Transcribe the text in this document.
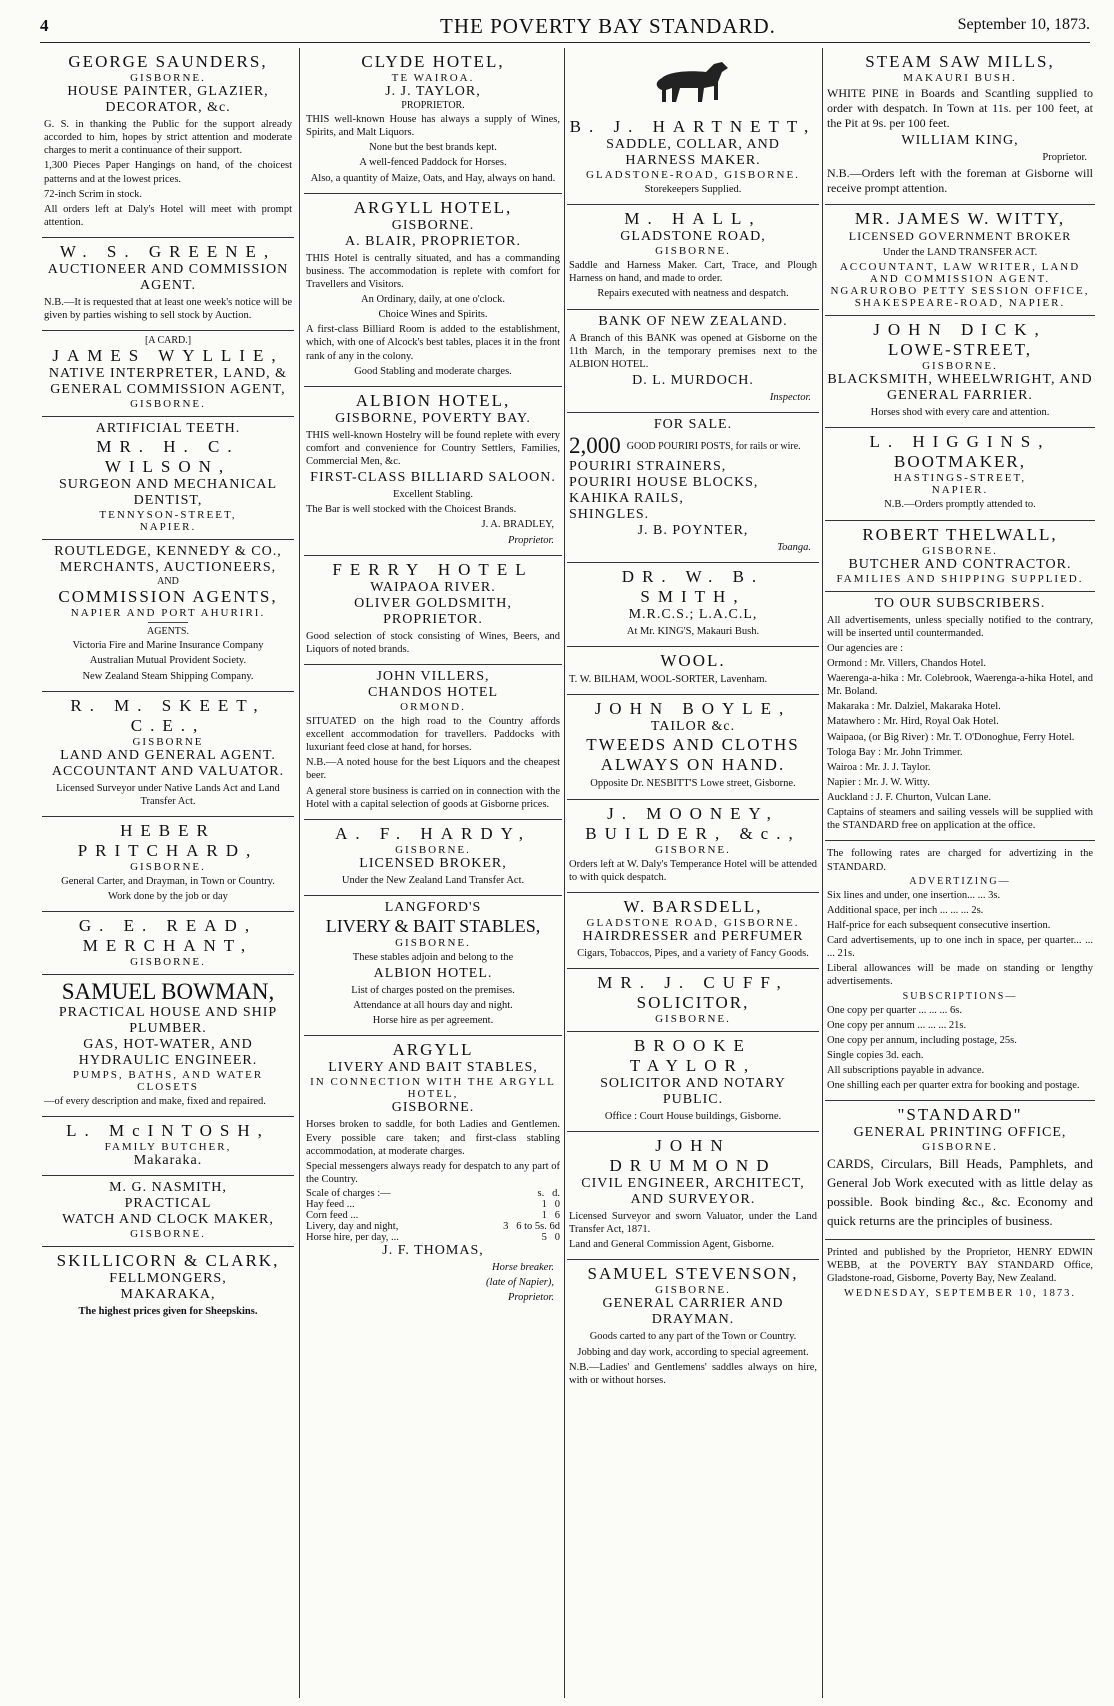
4	THE POVERTY BAY STANDARD.	September 10, 1873.
GEORGE SAUNDERS,
GISBORNE.
HOUSE PAINTER, GLAZIER, DECORATOR, &c.

G. S. in thanking the Public for the support already accorded to him, hopes by strict attention and moderate charges to merit a continuance of their support.

1,300 Pieces Paper Hangings on hand, of the choicest patterns and at the lowest prices.

72-inch Scrim in stock.

All orders left at Daly's Hotel will meet with prompt attention.

W. S. GREENE,
AUCTIONEER AND COMMISSION AGENT.

N.B.—It is requested that at least one week's notice will be given by parties wishing to sell stock by Auction.

[A CARD.]
JAMES WYLLIE,
NATIVE INTERPRETER, LAND, & GENERAL COMMISSION AGENT,
GISBORNE.
ARTIFICIAL TEETH.
MR. H. C. WILSON,
SURGEON AND MECHANICAL DENTIST,
TENNYSON-STREET,
NAPIER.
ROUTLEDGE, KENNEDY & CO.,
MERCHANTS, AUCTIONEERS,
AND
COMMISSION AGENTS,
NAPIER AND PORT AHURIRI.
AGENTS.

Victoria Fire and Marine Insurance Company

Australian Mutual Provident Society.

New Zealand Steam Shipping Company.

R. M. SKEET, C.E.,
GISBORNE
LAND AND GENERAL AGENT.
ACCOUNTANT AND VALUATOR.

Licensed Surveyor under Native Lands Act and Land Transfer Act.

HEBER PRITCHARD,
GISBORNE.

General Carter, and Drayman, in Town or Country.

Work done by the job or day

G. E. READ,
MERCHANT,
GISBORNE.
SAMUEL BOWMAN,
PRACTICAL HOUSE AND SHIP PLUMBER.
GAS, HOT-WATER, AND HYDRAULIC ENGINEER.
PUMPS, BATHS, AND WATER CLOSETS

—of every description and make, fixed and repaired.

L. McINTOSH,
FAMILY BUTCHER,
Makaraka.
M. G. NASMITH,
PRACTICAL
WATCH AND CLOCK MAKER,
GISBORNE.
SKILLICORN & CLARK,
FELLMONGERS,
MAKARAKA,

The highest prices given for Sheepskins.

CLYDE HOTEL,
TE WAIROA.
J. J. TAYLOR,
PROPRIETOR.

THIS well-known House has always a supply of Wines, Spirits, and Malt Liquors.

None but the best brands kept.

A well-fenced Paddock for Horses.

Also, a quantity of Maize, Oats, and Hay, always on hand.

ARGYLL HOTEL,
GISBORNE.
A. BLAIR, PROPRIETOR.

THIS Hotel is centrally situated, and has a commanding business. The accommodation is replete with comfort for Travellers and Visitors.

An Ordinary, daily, at one o'clock.

Choice Wines and Spirits.

A first-class Billiard Room is added to the establishment, which, with one of Alcock's best tables, places it in the front rank of any in the colony.

Good Stabling and moderate charges.

ALBION HOTEL,
GISBORNE, POVERTY BAY.

THIS well-known Hostelry will be found replete with every comfort and convenience for Country Settlers, Families, Commercial Men, &c.

FIRST-CLASS BILLIARD SALOON.

Excellent Stabling.

The Bar is well stocked with the Choicest Brands.

J. A. BRADLEY,

Proprietor.

FERRY HOTEL
WAIPAOA RIVER.
OLIVER GOLDSMITH, PROPRIETOR.

Good selection of stock consisting of Wines, Beers, and Liquors of noted brands.

JOHN VILLERS,
CHANDOS HOTEL
ORMOND.

SITUATED on the high road to the Country affords excellent accommodation for travellers. Paddocks with luxuriant feed close at hand, for horses.

N.B.—A noted house for the best Liquors and the cheapest beer.

A general store business is carried on in connection with the Hotel with a capital selection of goods at Gisborne prices.

A. F. HARDY,
GISBORNE.
LICENSED BROKER,

Under the New Zealand Land Transfer Act.

LANGFORD'S
LIVERY & BAIT STABLES,
GISBORNE.

These stables adjoin and belong to the

ALBION HOTEL.

List of charges posted on the premises.

Attendance at all hours day and night.

Horse hire as per agreement.

ARGYLL
LIVERY AND BAIT STABLES,
IN CONNECTION WITH THE ARGYLL HOTEL,
GISBORNE.

Horses broken to saddle, for both Ladies and Gentlemen. Every possible care taken; and first-class stabling accommodation, at moderate charges.

Special messengers always ready for despatch to any part of the Country.

Scale of charges :—	s. d.
Hay feed ...	1 0
Corn feed ...	1 6
Livery, day and night,	3 6 to 5s. 6d
Horse hire, per day, ...	5 0
J. F. THOMAS,

Horse breaker.

(late of Napier),

Proprietor.

B. J. HARTNETT,
SADDLE, COLLAR, AND HARNESS MAKER.
GLADSTONE-ROAD, GISBORNE.

Storekeepers Supplied.

M. HALL,
GLADSTONE ROAD,
GISBORNE.

Saddle and Harness Maker. Cart, Trace, and Plough Harness on hand, and made to order.

Repairs executed with neatness and despatch.

BANK OF NEW ZEALAND.

A Branch of this BANK was opened at Gisborne on the 11th March, in the temporary premises next to the ALBION HOTEL.

D. L. MURDOCH.

Inspector.

FOR SALE.
2,000 GOOD POURIRI POSTS, for rails or wire.
POURIRI STRAINERS,
POURIRI HOUSE BLOCKS,
KAHIKA RAILS,
SHINGLES.
J. B. POYNTER,

Toanga.

DR. W. B. SMITH,
M.R.C.S.; L.A.C.L,

At Mr. KING'S, Makauri Bush.

WOOL.

T. W. BILHAM, WOOL-SORTER, Lavenham.

JOHN BOYLE,
TAILOR &c.
TWEEDS AND CLOTHS
ALWAYS ON HAND.

Opposite Dr. NESBITT'S Lowe street, Gisborne.

J. MOONEY,
BUILDER, &c.,
GISBORNE.

Orders left at W. Daly's Temperance Hotel will be attended to with quick despatch.

W. BARSDELL,
GLADSTONE ROAD, GISBORNE.
HAIRDRESSER and PERFUMER

Cigars, Tobaccos, Pipes, and a variety of Fancy Goods.

MR. J. CUFF,
SOLICITOR,
GISBORNE.
BROOKE TAYLOR,
SOLICITOR AND NOTARY PUBLIC.

Office : Court House buildings, Gisborne.

JOHN DRUMMOND
CIVIL ENGINEER, ARCHITECT, AND SURVEYOR.

Licensed Surveyor and sworn Valuator, under the Land Transfer Act, 1871.

Land and General Commission Agent, Gisborne.

SAMUEL STEVENSON,
GISBORNE.
GENERAL CARRIER AND DRAYMAN.

Goods carted to any part of the Town or Country.

Jobbing and day work, according to special agreement.

N.B.—Ladies' and Gentlemens' saddles always on hire, with or without horses.

STEAM SAW MILLS,
MAKAURI BUSH.

WHITE PINE in Boards and Scantling supplied to order with despatch. In Town at 11s. per 100 feet, at the Pit at 9s. per 100 feet.

WILLIAM KING,

Proprietor.

N.B.—Orders left with the foreman at Gisborne will receive prompt attention.

MR. JAMES W. WITTY,
LICENSED GOVERNMENT BROKER

Under the LAND TRANSFER ACT.

ACCOUNTANT, LAW WRITER, LAND AND COMMISSION AGENT.
NGARUROBO PETTY SESSION OFFICE,
SHAKESPEARE-ROAD, NAPIER.
JOHN DICK,
LOWE-STREET,
GISBORNE.
BLACKSMITH, WHEELWRIGHT, AND GENERAL FARRIER.

Horses shod with every care and attention.

L. HIGGINS,
BOOTMAKER,
HASTINGS-STREET,
NAPIER.

N.B.—Orders promptly attended to.

ROBERT THELWALL,
GISBORNE.
BUTCHER AND CONTRACTOR.
FAMILIES AND SHIPPING SUPPLIED.
TO OUR SUBSCRIBERS.

All advertisements, unless specially notified to the contrary, will be inserted until countermanded.

Our agencies are :

Ormond : Mr. Villers, Chandos Hotel.

Waerenga-a-hika : Mr. Colebrook, Waerenga-a-hika Hotel, and Mr. Boland.

Makaraka : Mr. Dalziel, Makaraka Hotel.

Matawhero : Mr. Hird, Royal Oak Hotel.

Waipaoa, (or Big River) : Mr. T. O'Donoghue, Ferry Hotel.

Tologa Bay : Mr. John Trimmer.

Wairoa : Mr. J. J. Taylor.

Napier : Mr. J. W. Witty.

Auckland : J. F. Churton, Vulcan Lane.

Captains of steamers and sailing vessels will be supplied with the STANDARD free on application at the office.

The following rates are charged for advertizing in the STANDARD.

ADVERTIZING—

Six lines and under, one insertion... ... 3s.

Additional space, per inch ... ... ... 2s.

Half-price for each subsequent consecutive insertion.

Card advertisements, up to one inch in space, per quarter... ... ... 21s.

Liberal allowances will be made on standing or lengthy advertisements.

SUBSCRIPTIONS—

One copy per quarter ... ... ... 6s.

One copy per annum ... ... ... 21s.

One copy per annum, including postage, 25s.

Single copies 3d. each.

All subscriptions payable in advance.

One shilling each per quarter extra for booking and postage.

"STANDARD"
GENERAL PRINTING OFFICE,
GISBORNE.

CARDS, Circulars, Bill Heads, Pamphlets, and General Job Work executed with as little delay as possible. Book binding &c., &c. Economy and quick returns are the principles of business.

Printed and published by the Proprietor, HENRY EDWIN WEBB, at the POVERTY BAY STANDARD Office, Gladstone-road, Gisborne, Poverty Bay, New Zealand.

WEDNESDAY, SEPTEMBER 10, 1873.
